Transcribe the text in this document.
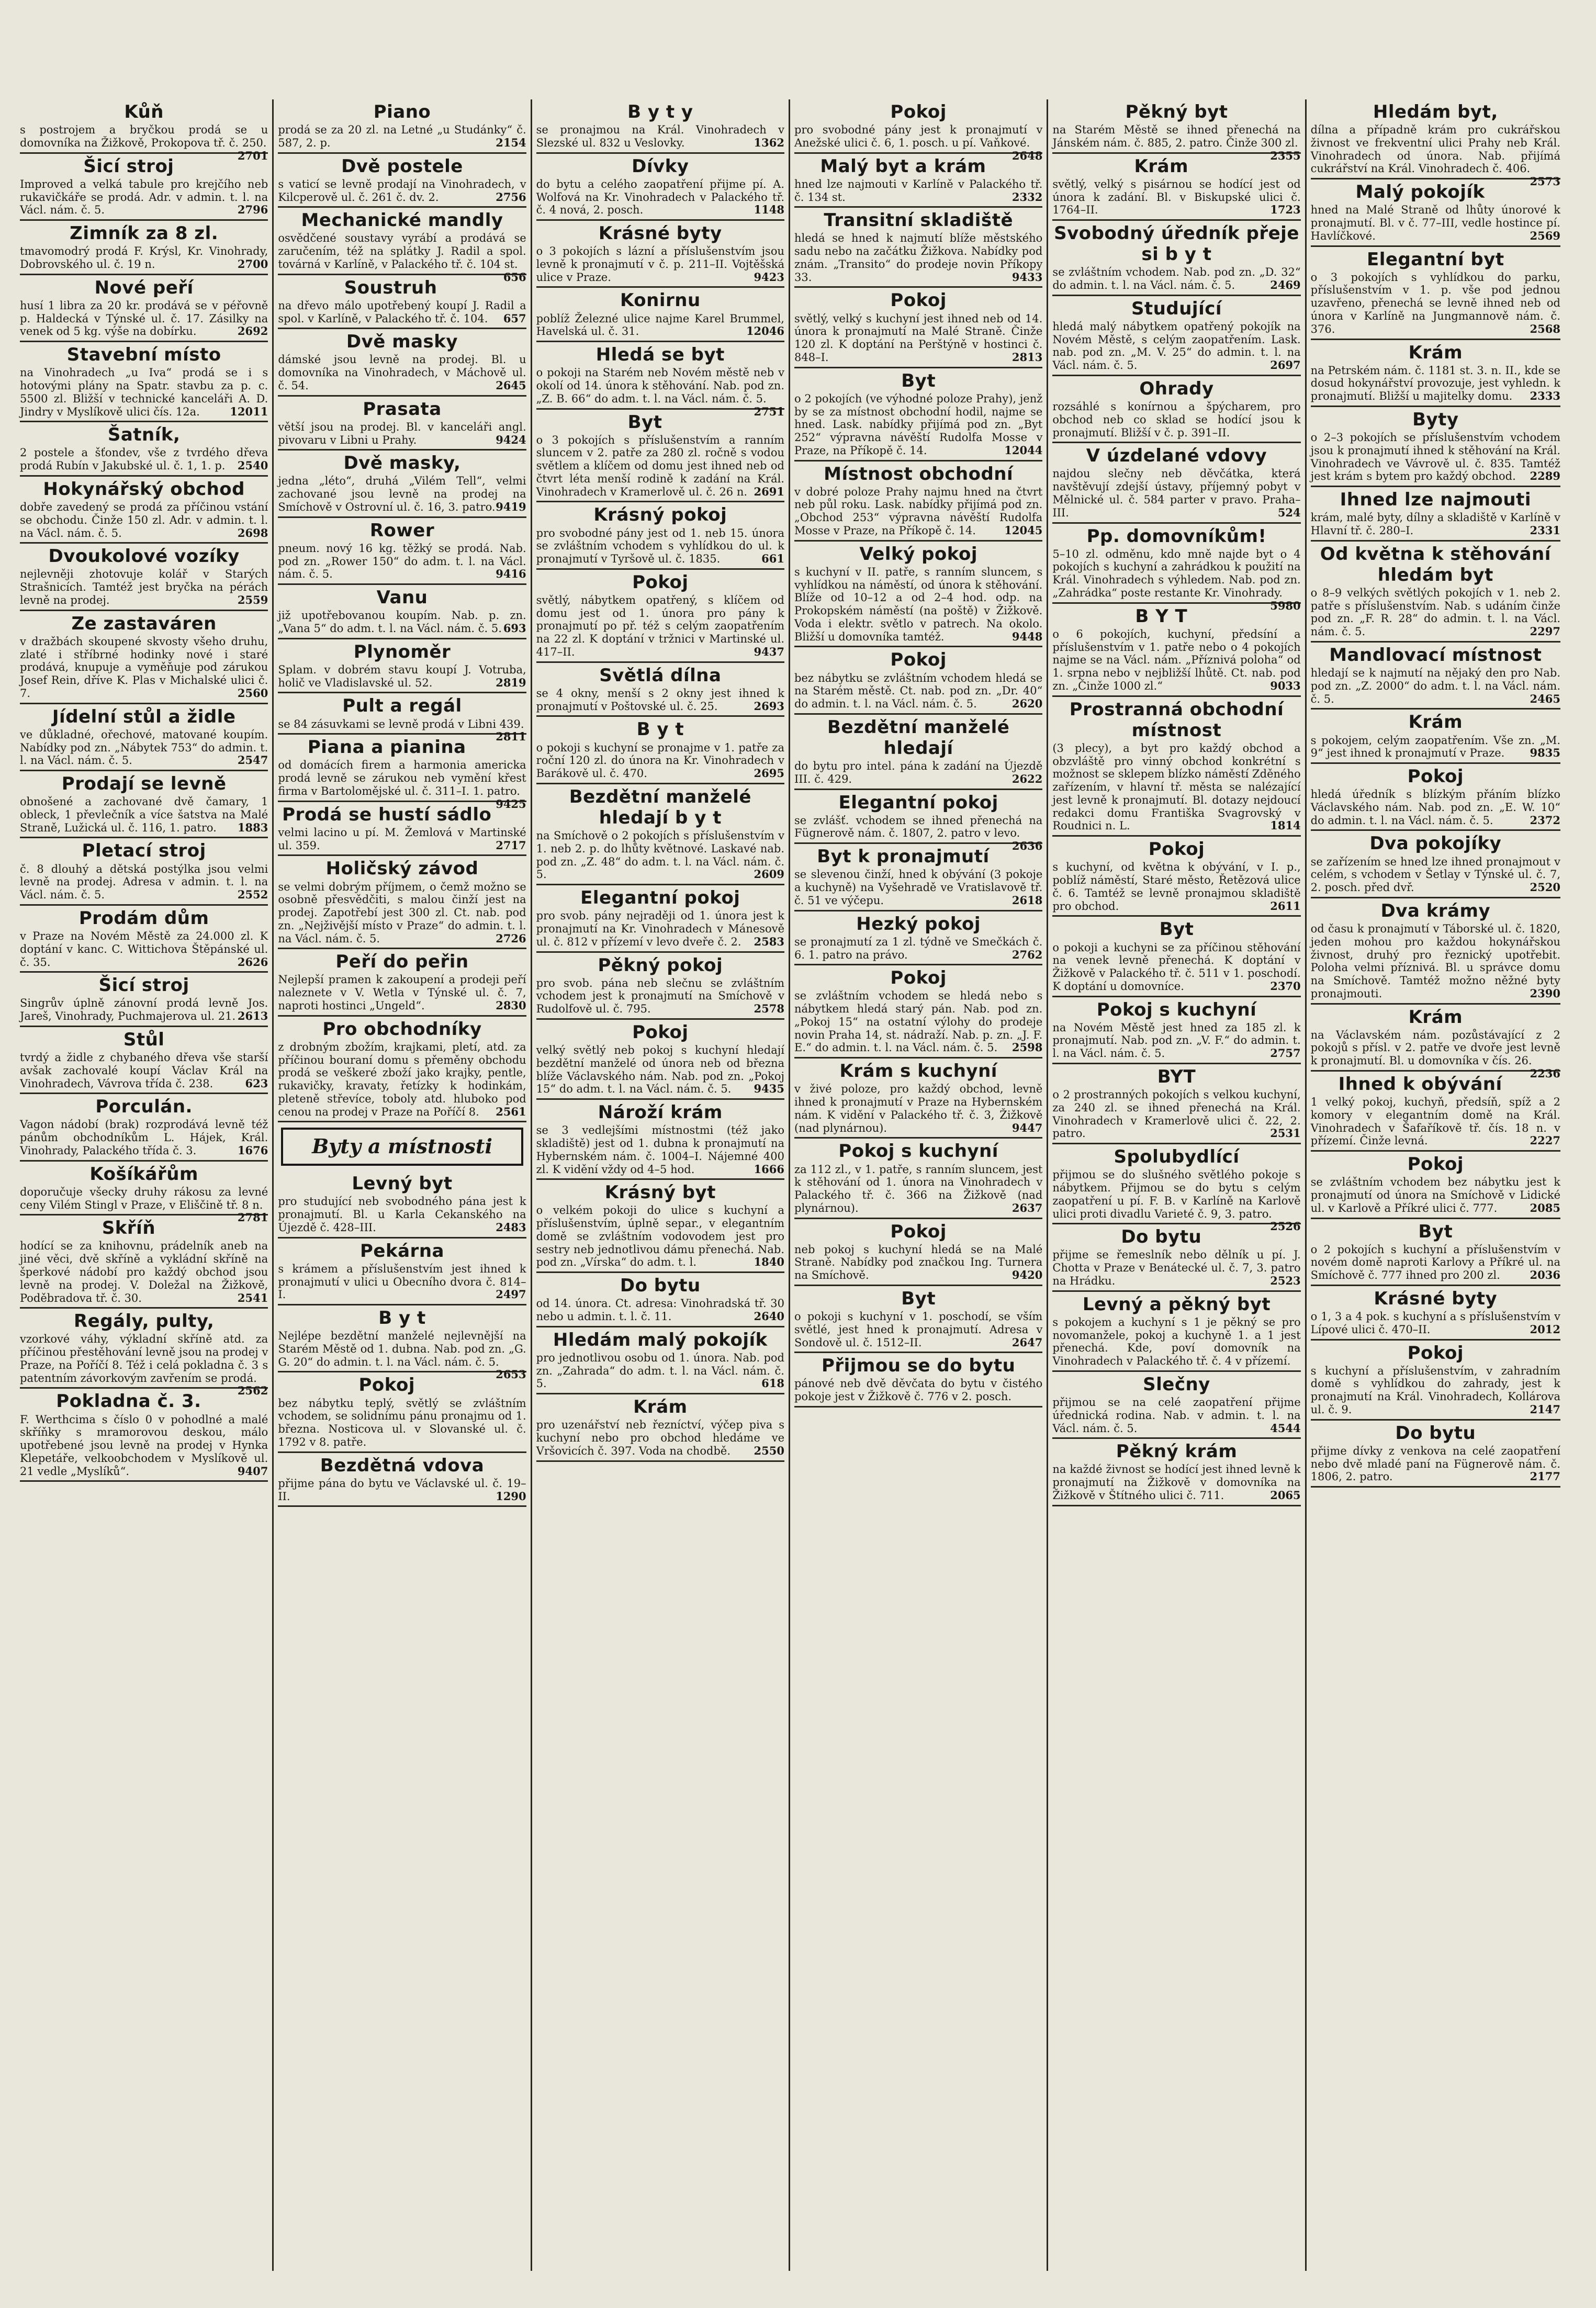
Kůň

s postrojem a bryčkou prodá se u domovníka na Žižkově, Prokopova tř. č. 250.
2701

Šicí stroj

Improved a velká tabule pro krejčího neb rukavičkáře se prodá. Adr. v admin. t. l. na Václ. nám. č. 5.	2796

Zimník za 8 zl.

tmavomodrý prodá F. Krýsl, Kr. Vinohrady, Dobrovského ul. č. 19 n.	2700

Nové peří

husí 1 libra za 20 kr. prodává se v péřovně p. Haldecká v Týnské ul. č. 17. Zásilky na venek od 5 kg. výše na dobírku.	2692

Stavební místo

na Vinohradech „u Iva“ prodá se i s hotovými plány na Spatr. stavbu za p. c. 5500 zl. Bližší v technické kanceláři A. D. Jindry v Myslíkově ulici čís. 12a.	12011

Šatník,

2 postele a šťondev, vše z tvrdého dřeva prodá Rubín v Jakubské ul. č. 1, 1. p. 2540

Hokynářský obchod

dobře zavedený se prodá za příčinou vstání se obchodu. Činže 150 zl. Adr. v admin. t. l. na Václ. nám. č. 5.	2698

Dvoukolové vozíky

nejlevněji zhotovuje kolář v Starých Strašnicích. Tamtéž jest bryčka na pérách levně na prodej.	2559

Ze zastaváren

v dražbách skoupené skvosty všeho druhu, zlaté i stříbrné hodinky nové i staré prodává, knupuje a vyměňuje pod zárukou Josef Rein, dříve K. Plas v Michalské ulici č. 7.	2560

Jídelní stůl a židle

ve důkladné, ořechové, matované koupím. Nabídky pod zn. „Nábytek 753“ do admin. t. l. na Václ. nám. č. 5.	2547

Prodají se levně

obnošené a zachované dvě čamary, 1 obleck, 1 převlečník a více šatstva na Malé Straně, Lužická ul. č. 116, 1. patro. 1883

Pletací stroj

č. 8 dlouhý a dětská postýlka jsou velmi levně na prodej. Adresa v admin. t. l. na Václ. nám. č. 5.	2552

Prodám dům

v Praze na Novém Městě za 24.000 zl. K doptání v kanc. C. Wittichova Štěpánské ul. č. 35.	2626

Šicí stroj

Singrův úplně zánovní prodá levně Jos. Jareš, Vinohrady, Puchmajerova ul. 21. 2613

Stůl

tvrdý a židle z chybaného dřeva vše starší avšak zachovalé koupí Václav Král na Vinohradech, Vávrova třída č. 238.	623

Porculán.

Vagon nádobí (brak) rozprodává levně též pánům obchodníkům L. Hájek, Král. Vinohrady, Palackého třída č. 3.	1676

Košíkářům

doporučuje všecky druhy rákosu za levné ceny Vilém Stingl v Praze, v Eliščině tř. 8 n.
2781

Skříň

hodící se za knihovnu, prádelník aneb na jiné věci, dvě skříně a vykládní skříně na šperkové nádobí pro každý obchod jsou levně na prodej. V. Doležal na Žižkově, Poděbradova tř. č. 30.	2541

Regály, pulty,

vzorkové váhy, výkladní skříně atd. za příčinou přestěhování levně jsou na prodej v Praze, na Poříčí 8. Též i celá pokladna č. 3 s patentním závorkovým zavřením se prodá.
2562

Pokladna č. 3.

F. Werthcima s číslo 0 v pohodlné a malé skříňky s mramorovou deskou, málo upotřebené jsou levně na prodej v Hynka Klepetáře, velkoobchodem v Myslíkově ul. 21 vedle „Myslíků“.	9407

Piano

prodá se za 20 zl. na Letné „u Studánky“ č. 587, 2. p.	2154

Dvě postele

s vaticí se levně prodají na Vinohradech, v Kilcperově ul. č. 261 č. dv. 2.	2756

Mechanické mandly

osvědčené soustavy vyrábí a prodává se zaručením, též na splátky J. Radil a spol. továrná v Karlíně, v Palackého tř. č. 104 st.
656

Soustruh

na dřevo málo upotřebený koupí J. Radil a spol. v Karlíně, v Palackého tř. č. 104. 657

Dvě masky

dámské jsou levně na prodej. Bl. u domovníka na Vinohradech, v Máchově ul. č. 54.	2645

Prasata

větší jsou na prodej. Bl. v kanceláři angl. pivovaru v Libni u Prahy.	9424

Dvě masky,

jedna „léto“, druhá „Vilém Tell“, velmi zachované jsou levně na prodej na Smíchově v Ostrovní ul. č. 16, 3. patro. 9419

Rower

pneum. nový 16 kg. těžký se prodá. Nab. pod zn. „Rower 150“ do adm. t. l. na Václ. nám. č. 5.	9416

Vanu

již upotřebovanou koupím. Nab. p. zn. „Vana 5“ do adm. t. l. na Václ. nám. č. 5. 693

Plynoměr

Splam. v dobrém stavu koupí J. Votruba, holič ve Vladislavské ul. 52.	2819

Pult a regál

se 84 zásuvkami se levně prodá v Libni 439.
2811

Piana a pianina

od domácích firem a harmonia americka prodá levně se zárukou neb vymění křest firma v Bartolomějské ul. č. 311–I. 1. patro.
9425

Prodá se hustí sádlo

velmi lacino u pí. M. Žemlová v Martinské ul. 359.	2717

Holičský závod

se velmi dobrým příjmem, o čemž možno se osobně přesvědčiti, s malou činží jest na prodej. Zapotřebí jest 300 zl. Ct. nab. pod zn. „Nejživější místo v Praze“ do admin. t. l. na Václ. nám. č. 5.	2726

Peří do peřin

Nejlepší pramen k zakoupení a prodeji peří naleznete v V. Wetla v Týnské ul. č. 7, naproti hostinci „Ungeld“.	2830

Pro obchodníky

z drobným zbožím, krajkami, pletí, atd. za příčinou bouraní domu s přeměny obchodu prodá se veškeré zboží jako krajky, pentle, rukavičky, kravaty, řetízky k hodinkám, pleteně střevíce, toboly atd. hluboko pod cenou na prodej v Praze na Poříčí 8. 2561

Byty a místnosti
Levný byt

pro studující neb svobodného pána jest k pronajmutí. Bl. u Karla Cekanského na Újezdě č. 428–III.	2483

Pekárna

s krámem a příslušenstvím jest ihned k pronajmutí v ulici u Obecního dvora č. 814–I.	2497

B y t

Nejlépe bezdětní manželé nejlevnější na Starém Městě od 1. dubna. Nab. pod zn. „G. G. 20“ do admin. t. l. na Václ. nám. č. 5.
2653

Pokoj

bez nábytku teplý, světlý se zvláštním vchodem, se solidnímu pánu pronajmu od 1. března. Nosticova ul. v Slovanské ul. č. 1792 v 8. patře.

Bezdětná vdova

přijme pána do bytu ve Václavské ul. č. 19–II.	1290

B y t y

se pronajmou na Král. Vinohradech v Slezské ul. 832 u Veslovky.	1362

Dívky

do bytu a celého zaopatření přijme pí. A. Wolfová na Kr. Vinohradech v Palackého tř. č. 4 nová, 2. posch.	1148

Krásné byty

o 3 pokojích s lázní a příslušenstvím jsou levně k pronajmutí v č. p. 211–II. Vojtěšská ulice v Praze.	9423

Konirnu

poblíž Železné ulice najme Karel Brummel, Havelská ul. č. 31.	12046

Hledá se byt

o pokoji na Starém neb Novém městě neb v okolí od 14. února k stěhování. Nab. pod zn. „Z. B. 66“ do adm. t. l. na Václ. nám. č. 5.
2751

Byt

o 3 pokojích s příslušenstvím a ranním sluncem v 2. patře za 280 zl. ročně s vodou světlem a klíčem od domu jest ihned neb od čtvrt léta menší rodině k zadání na Král. Vinohradech v Kramerlově ul. č. 26 n. 2691

Krásný pokoj

pro svobodné pány jest od 1. neb 15. února se zvláštním vchodem s vyhlídkou do ul. k pronajmutí v Tyršově ul. č. 1835.	661

Pokoj

světlý, nábytkem opatřený, s klíčem od domu jest od 1. února pro pány k pronajmutí po př. též s celým zaopatřením na 22 zl. K doptání v tržnici v Martinské ul. 417–II.	9437

Světlá dílna

se 4 okny, menší s 2 okny jest ihned k pronajmutí v Poštovské ul. č. 25.	2693

B y t

o pokoji s kuchyní se pronajme v 1. patře za roční 120 zl. do února na Kr. Vinohradech v Barákově ul. č. 470.	2695

Bezdětní manželé hledají b y t

na Smíchově o 2 pokojích s příslušenstvím v 1. neb 2. p. do lhůty květnové. Laskavé nab. pod zn. „Z. 48“ do adm. t. l. na Václ. nám. č. 5.	2609

Elegantní pokoj

pro svob. pány nejraději od 1. února jest k pronajmutí na Kr. Vinohradech v Mánesově ul. č. 812 v přízemí v levo dveře č. 2. 2583

Pěkný pokoj

pro svob. pána neb slečnu se zvláštním vchodem jest k pronajmutí na Smíchově v Rudolfově ul. č. 795.	2578

Pokoj

velký světlý neb pokoj s kuchyní hledají bezdětní manželé od února neb od března blíže Václavského nám. Nab. pod zn. „Pokoj 15“ do adm. t. l. na Václ. nám. č. 5. 9435

Nároží krám

se 3 vedlejšími místnostmi (též jako skladiště) jest od 1. dubna k pronajmutí na Hybernském nám. č. 1004–I. Nájemné 400 zl. K vidění vždy od 4–5 hod.	1666

Krásný byt

o velkém pokoji do ulice s kuchyní a příslušenstvím, úplně separ., v elegantním domě se zvláštním vodovodem jest pro sestry neb jednotlivou dámu přenechá. Nab. pod zn. „Vírska“ do adm. t. l.	1840

Do bytu

od 14. února. Ct. adresa: Vinohradská tř. 30 nebo u admin. t. l. č. 11.	2640

Hledám malý pokojík

pro jednotlivou osobu od 1. února. Nab. pod zn. „Zahrada“ do adm. t. l. na Václ. nám. č. 5.	618

Krám

pro uzenářství neb řezníctví, výčep piva s kuchyní nebo pro obchod hledáme ve Vršovicích č. 397. Voda na chodbě. 2550

Pokoj

pro svobodné pány jest k pronajmutí v Anežské ulici č. 6, 1. posch. u pí. Vaňkové.
2648

Malý byt a krám

hned lze najmouti v Karlíně v Palackého tř. č. 134 st.	2332

Transitní skladiště

hledá se hned k najmutí blíže městského sadu nebo na začátku Žižkova. Nabídky pod znám. „Transito“ do prodeje novin Příkopy 33.	9433

Pokoj

světlý, velký s kuchyní jest ihned neb od 14. února k pronajmutí na Malé Straně. Činže 120 zl. K doptání na Perštýně v hostinci č. 848–I.	2813

Byt

o 2 pokojích (ve výhodné poloze Prahy), jenž by se za místnost obchodní hodil, najme se hned. Lask. nabídky přijímá pod zn. „Byt 252“ výpravna návěští Rudolfa Mosse v Praze, na Příkopě č. 14.	12044

Místnost obchodní

v dobré poloze Prahy najmu hned na čtvrt neb půl roku. Lask. nabídky přijímá pod zn. „Obchod 253“ výpravna návěští Rudolfa Mosse v Praze, na Příkopě č. 14.	12045

Velký pokoj

s kuchyní v II. patře, s ranním sluncem, s vyhlídkou na náměstí, od února k stěhování. Blíže od 10–12 a od 2–4 hod. odp. na Prokopském náměstí (na poště) v Žižkově. Voda i elektr. světlo v patrech. Na okolo. Bližší u domovníka tamtéž.	9448

Pokoj

bez nábytku se zvláštním vchodem hledá se na Starém městě. Ct. nab. pod zn. „Dr. 40“ do admin. t. l. na Václ. nám. č. 5.	2620

Bezdětní manželé hledají

do bytu pro intel. pána k zadání na Újezdě III. č. 429.	2622

Elegantní pokoj

se zvlášť. vchodem se ihned přenechá na Fügnerově nám. č. 1807, 2. patro v levo.
2636

Byt k pronajmutí

se slevenou činží, hned k obývání (3 pokoje a kuchyně) na Vyšehradě ve Vratislavově tř. č. 51 ve výčepu.	2618

Hezký pokoj

se pronajmutí za 1 zl. týdně ve Smečkách č. 6. 1. patro na právo.	2762

Pokoj

se zvláštním vchodem se hledá nebo s nábytkem hledá starý pán. Nab. pod zn. „Pokoj 15“ na ostatní výlohy do prodeje novin Praha 14, st. nádraží. Nab. p. zn. „J. F. E.“ do admin. t. l. na Václ. nám. č. 5. 2598

Krám s kuchyní

v živé poloze, pro každý obchod, levně ihned k pronajmutí v Praze na Hybernském nám. K vidění v Palackého tř. č. 3, Žižkově (nad plynárnou).	9447

Pokoj s kuchyní

za 112 zl., v 1. patře, s ranním sluncem, jest k stěhování od 1. února na Vinohradech v Palackého tř. č. 366 na Žižkově (nad plynárnou).	2637

Pokoj

neb pokoj s kuchyní hledá se na Malé Straně. Nabídky pod značkou Ing. Turnera na Smíchově.	9420

Byt

o pokoji s kuchyní v 1. poschodí, se vším světlé, jest hned k pronajmutí. Adresa v Sondově ul. č. 1512–II.	2647

Přijmou se do bytu

pánové neb dvě děvčata do bytu v čistého pokoje jest v Žižkově č. 776 v 2. posch.

Pěkný byt

na Starém Městě se ihned přenechá na Jánském nám. č. 885, 2. patro. Činže 300 zl.
2355

Krám

světlý, velký s pisárnou se hodící jest od února k zadání. Bl. v Biskupské ulici č. 1764–II.	1723

Svobodný úředník přeje si b y t

se zvláštním vchodem. Nab. pod zn. „D. 32“ do admin. t. l. na Václ. nám. č. 5.	2469

Studující

hledá malý nábytkem opatřený pokojík na Novém Městě, s celým zaopatřením. Lask. nab. pod zn. „M. V. 25“ do admin. t. l. na Václ. nám. č. 5.	2697

Ohrady

rozsáhlé s konírnou a špýcharem, pro obchod neb co sklad se hodící jsou k pronajmutí. Bližší v č. p. 391–II.

V úzdelané vdovy

najdou slečny neb děvčátka, která navštěvují zdejší ústavy, příjemný pobyt v Mělnické ul. č. 584 parter v pravo. Praha–III.	524

Pp. domovníkům!

5–10 zl. odměnu, kdo mně najde byt o 4 pokojích s kuchyní a zahrádkou k použití na Král. Vinohradech s výhledem. Nab. pod zn. „Zahrádka“ poste restante Kr. Vinohrady.
5980

B Y T

o 6 pokojích, kuchyní, předsíní a příslušenstvím v 1. patře nebo o 4 pokojích najme se na Václ. nám. „Příznivá poloha“ od 1. srpna nebo v nejbližší lhůtě. Ct. nab. pod zn. „Činže 1000 zl.“	9033

Prostranná obchodní místnost

(3 plecy), a byt pro každý obchod a obzvláště pro vinný obchod konkrétní s možnost se sklepem blízko náměstí Zděného zařízením, v hlavní tř. města se nalézající jest levně k pronajmutí. Bl. dotazy nejdoucí redakci domu Františka Svagrovský v Roudnici n. L.	1814

Pokoj

s kuchyní, od května k obývání, v I. p., poblíž náměstí, Staré město, Řetězová ulice č. 6. Tamtéž se levně pronajmou skladiště pro obchod.	2611

Byt

o pokoji a kuchyni se za příčinou stěhování na venek levně přenechá. K doptání v Žižkově v Palackého tř. č. 511 v 1. poschodí. K doptání u domovníce.	2370

Pokoj s kuchyní

na Novém Městě jest hned za 185 zl. k pronajmutí. Nab. pod zn. „V. F.“ do admin. t. l. na Václ. nám. č. 5.	2757

BYT

o 2 prostranných pokojích s velkou kuchyní, za 240 zl. se ihned přenechá na Král. Vinohradech v Kramerlově ulici č. 22, 2. patro.	2531

Spolubydlící

přijmou se do slušného světlého pokoje s nábytkem. Přijmou se do bytu s celým zaopatření u pí. F. B. v Karlíně na Karlově ulici proti divadlu Varieté č. 9, 3. patro.
2526

Do bytu

přijme se řemeslník nebo dělník u pí. J. Chotta v Praze v Benátecké ul. č. 7, 3. patro na Hrádku.	2523

Levný a pěkný byt

s pokojem a kuchyní s 1 je pěkný se pro novomanžele, pokoj a kuchyně 1. a 1 jest přenechá. Kde, poví domovník na Vinohradech v Palackého tř. č. 4 v přízemí.

Slečny

přijmou se na celé zaopatření přijme úřednická rodina. Nab. v admin. t. l. na Václ. nám. č. 5.	4544

Pěkný krám

na každé živnost se hodící jest ihned levně k pronajmutí na Žižkově v domovníka na Žižkově v Štítného ulici č. 711.	2065

Hledám byt,

dílna a případně krám pro cukrářskou živnost ve frekventní ulici Prahy neb Král. Vinohradech od února. Nab. přijímá cukrářství na Král. Vinohradech č. 406.
2573

Malý pokojík

hned na Malé Straně od lhůty únorové k pronajmutí. Bl. v č. 77–III, vedle hostince pí. Havlíčkové.	2569

Elegantní byt

o 3 pokojích s vyhlídkou do parku, příslušenstvím v 1. p. vše pod jednou uzavřeno, přenechá se levně ihned neb od února v Karlíně na Jungmannově nám. č. 376.	2568

Krám

na Petrském nám. č. 1181 st. 3. n. II., kde se dosud hokynářství provozuje, jest vyhledn. k pronajmutí. Bližší u majitelky domu. 2333

Byty

o 2–3 pokojích se příslušenstvím vchodem jsou k pronajmutí ihned k stěhování na Král. Vinohradech ve Vávrově ul. č. 835. Tamtéž jest krám s bytem pro každý obchod. 2289

Ihned lze najmouti

krám, malé byty, dílny a skladiště v Karlíně v Hlavní tř. č. 280–I.	2331

Od května k stěhování hledám byt

o 8–9 velkých světlých pokojích v 1. neb 2. patře s příslušenstvím. Nab. s udáním činže pod zn. „F. R. 28“ do admin. t. l. na Václ. nám. č. 5.	2297

Mandlovací místnost

hledají se k najmutí na nějaký den pro Nab. pod zn. „Z. 2000“ do adm. t. l. na Václ. nám. č. 5.	2465

Krám

s pokojem, celým zaopatřením. Vše zn. „M. 9“ jest ihned k pronajmutí v Praze. 9835

Pokoj

hledá úředník s blízkým přáním blízko Václavského nám. Nab. pod zn. „E. W. 10“ do admin. t. l. na Václ. nám. č. 5.	2372

Dva pokojíky

se zařízením se hned lze ihned pronajmout v celém, s vchodem v Šetlay v Týnské ul. č. 7, 2. posch. před dvř.	2520

Dva krámy

od času k pronajmutí v Táborské ul. č. 1820, jeden mohou pro každou hokynářskou živnost, druhý pro řeznický upotřebit. Poloha velmi příznivá. Bl. u správce domu na Smíchově. Tamtéž možno něžné byty pronajmouti.	2390

Krám

na Václavském nám. pozůstávající z 2 pokojů s přísl. v 2. patře ve dvoře jest levně k pronajmutí. Bl. u domovníka v čís. 26.
2236

Ihned k obývání

1 velký pokoj, kuchyň, předsíň, spíž a 2 komory v elegantním domě na Král. Vinohradech v Šafaříkově tř. čís. 18 n. v přízemí. Činže levná.	2227

Pokoj

se zvláštním vchodem bez nábytku jest k pronajmutí od února na Smíchově v Lidické ul. v Karlově a Příkré ulici č. 777.	2085

Byt

o 2 pokojích s kuchyní a příslušenstvím v novém domě naproti Karlovy a Příkré ul. na Smíchově č. 777 ihned pro 200 zl.	2036

Krásné byty

o 1, 3 a 4 pok. s kuchyní a s příslušenstvím v Lípové ulici č. 470–II.	2012

Pokoj

s kuchyní a příslušenstvím, v zahradním domě s vyhlídkou do zahrady, jest k pronajmutí na Král. Vinohradech, Kollárova ul. č. 9.	2147

Do bytu

přijme dívky z venkova na celé zaopatření nebo dvě mladé paní na Fügnerově nám. č. 1806, 2. patro.	2177
